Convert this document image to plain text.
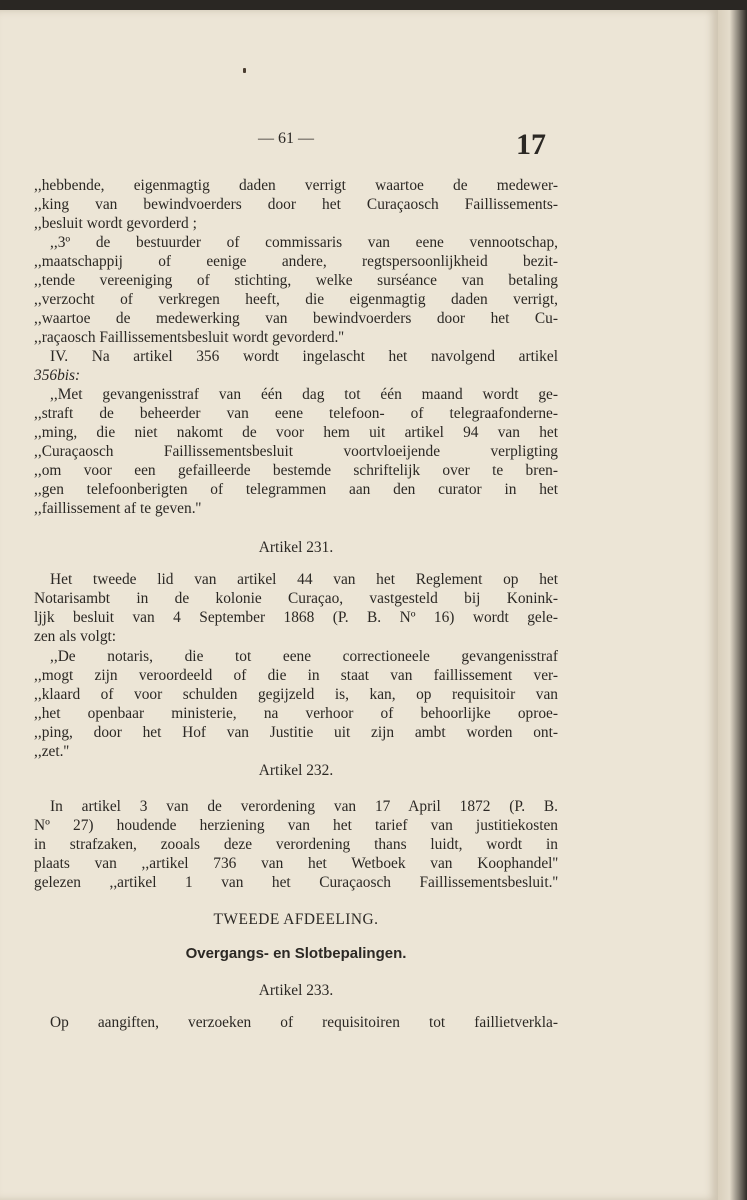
— 61 —	17

,,hebbende, eigenmagtig daden verrigt waartoe de medewer-

,,king van bewindvoerders door het Curaçaosch Faillissements-

,,besluit wordt gevorderd ;

,,3º de bestuurder of commissaris van eene vennootschap,

,,maatschappij of eenige andere, regtspersoonlijkheid bezit-

,,tende vereeniging of stichting, welke surséance van betaling

,,verzocht of verkregen heeft, die eigenmagtig daden verrigt,

,,waartoe de medewerking van bewindvoerders door het Cu-

,,raçaosch Faillissementsbesluit wordt gevorderd.''

IV. Na artikel 356 wordt ingelascht het navolgend artikel

356bis:

,,Met gevangenisstraf van één dag tot één maand wordt ge-

,,straft de beheerder van eene telefoon- of telegraafonderne-

,,ming, die niet nakomt de voor hem uit artikel 94 van het

,,Curaçaosch Faillissementsbesluit voortvloeijende verpligting

,,om voor een gefailleerde bestemde schriftelijk over te bren-

,,gen telefoonberigten of telegrammen aan den curator in het

,,faillissement af te geven.''

Artikel 231.

Het tweede lid van artikel 44 van het Reglement op het

Notarisambt in de kolonie Curaçao, vastgesteld bij Konink-

ljjk besluit van 4 September 1868 (P. B. Nº 16) wordt gele-

zen als volgt:

,,De notaris, die tot eene correctioneele gevangenisstraf

,,mogt zijn veroordeeld of die in staat van faillissement ver-

,,klaard of voor schulden gegijzeld is, kan, op requisitoir van

,,het openbaar ministerie, na verhoor of behoorlijke oproe-

,,ping, door het Hof van Justitie uit zijn ambt worden ont-

,,zet.''

Artikel 232.

In artikel 3 van de verordening van 17 April 1872 (P. B.

Nº 27) houdende herziening van het tarief van justitiekosten

in strafzaken, zooals deze verordening thans luidt, wordt in

plaats van ,,artikel 736 van het Wetboek van Koophandel''

gelezen ,,artikel 1 van het Curaçaosch Faillissementsbesluit.''

TWEEDE AFDEELING.

Overgangs- en Slotbepalingen.

Artikel 233.

Op aangiften, verzoeken of requisitoiren tot faillietverkla-
